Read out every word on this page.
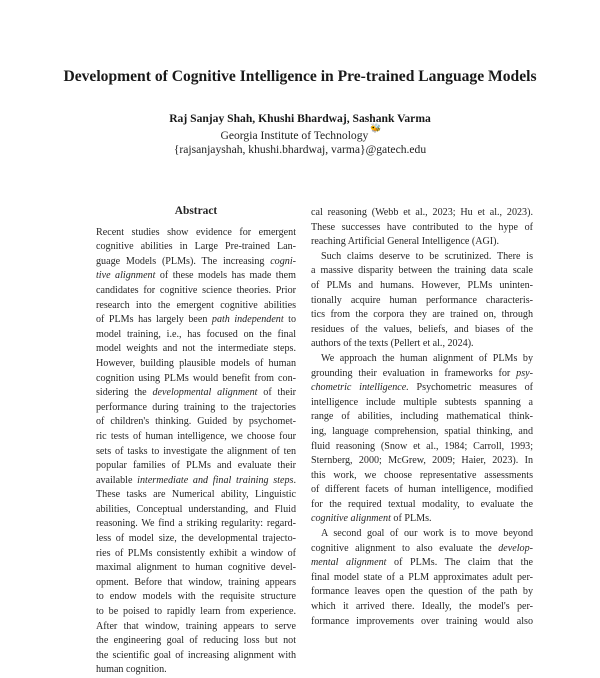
Development of Cognitive Intelligence in Pre-trained Language Models
Raj Sanjay Shah, Khushi Bhardwaj, Sashank Varma
Georgia Institute of Technology🐝
{rajsanjayshah, khushi.bhardwaj, varma}@gatech.edu
Abstract
Recent studies show evidence for emergent
cognitive abilities in Large Pre-trained Lan-
guage Models (PLMs). The increasing cogni-
tive alignment of these models has made them
candidates for cognitive science theories. Prior
research into the emergent cognitive abilities
of PLMs has largely been path independent to
model training, i.e., has focused on the final
model weights and not the intermediate steps.
However, building plausible models of human
cognition using PLMs would benefit from con-
sidering the developmental alignment of their
performance during training to the trajectories
of children's thinking. Guided by psychomet-
ric tests of human intelligence, we choose four
sets of tasks to investigate the alignment of ten
popular families of PLMs and evaluate their
available intermediate and final training steps.
These tasks are Numerical ability, Linguistic
abilities, Conceptual understanding, and Fluid
reasoning. We find a striking regularity: regard-
less of model size, the developmental trajecto-
ries of PLMs consistently exhibit a window of
maximal alignment to human cognitive devel-
opment. Before that window, training appears
to endow models with the requisite structure
to be poised to rapidly learn from experience.
After that window, training appears to serve
the engineering goal of reducing loss but not
the scientific goal of increasing alignment with
human cognition.
cal reasoning (Webb et al., 2023; Hu et al., 2023).
These successes have contributed to the hype of
reaching Artificial General Intelligence (AGI).
Such claims deserve to be scrutinized. There is
a massive disparity between the training data scale
of PLMs and humans. However, PLMs uninten-
tionally acquire human performance characteris-
tics from the corpora they are trained on, through
residues of the values, beliefs, and biases of the
authors of the texts (Pellert et al., 2024).
We approach the human alignment of PLMs by
grounding their evaluation in frameworks for psy-
chometric intelligence. Psychometric measures of
intelligence include multiple subtests spanning a
range of abilities, including mathematical think-
ing, language comprehension, spatial thinking, and
fluid reasoning (Snow et al., 1984; Carroll, 1993;
Sternberg, 2000; McGrew, 2009; Haier, 2023). In
this work, we choose representative assessments
of different facets of human intelligence, modified
for the required textual modality, to evaluate the
cognitive alignment of PLMs.
A second goal of our work is to move beyond
cognitive alignment to also evaluate the develop-
mental alignment of PLMs. The claim that the
final model state of a PLM approximates adult per-
formance leaves open the question of the path by
which it arrived there. Ideally, the model's per-
formance improvements over training would also
